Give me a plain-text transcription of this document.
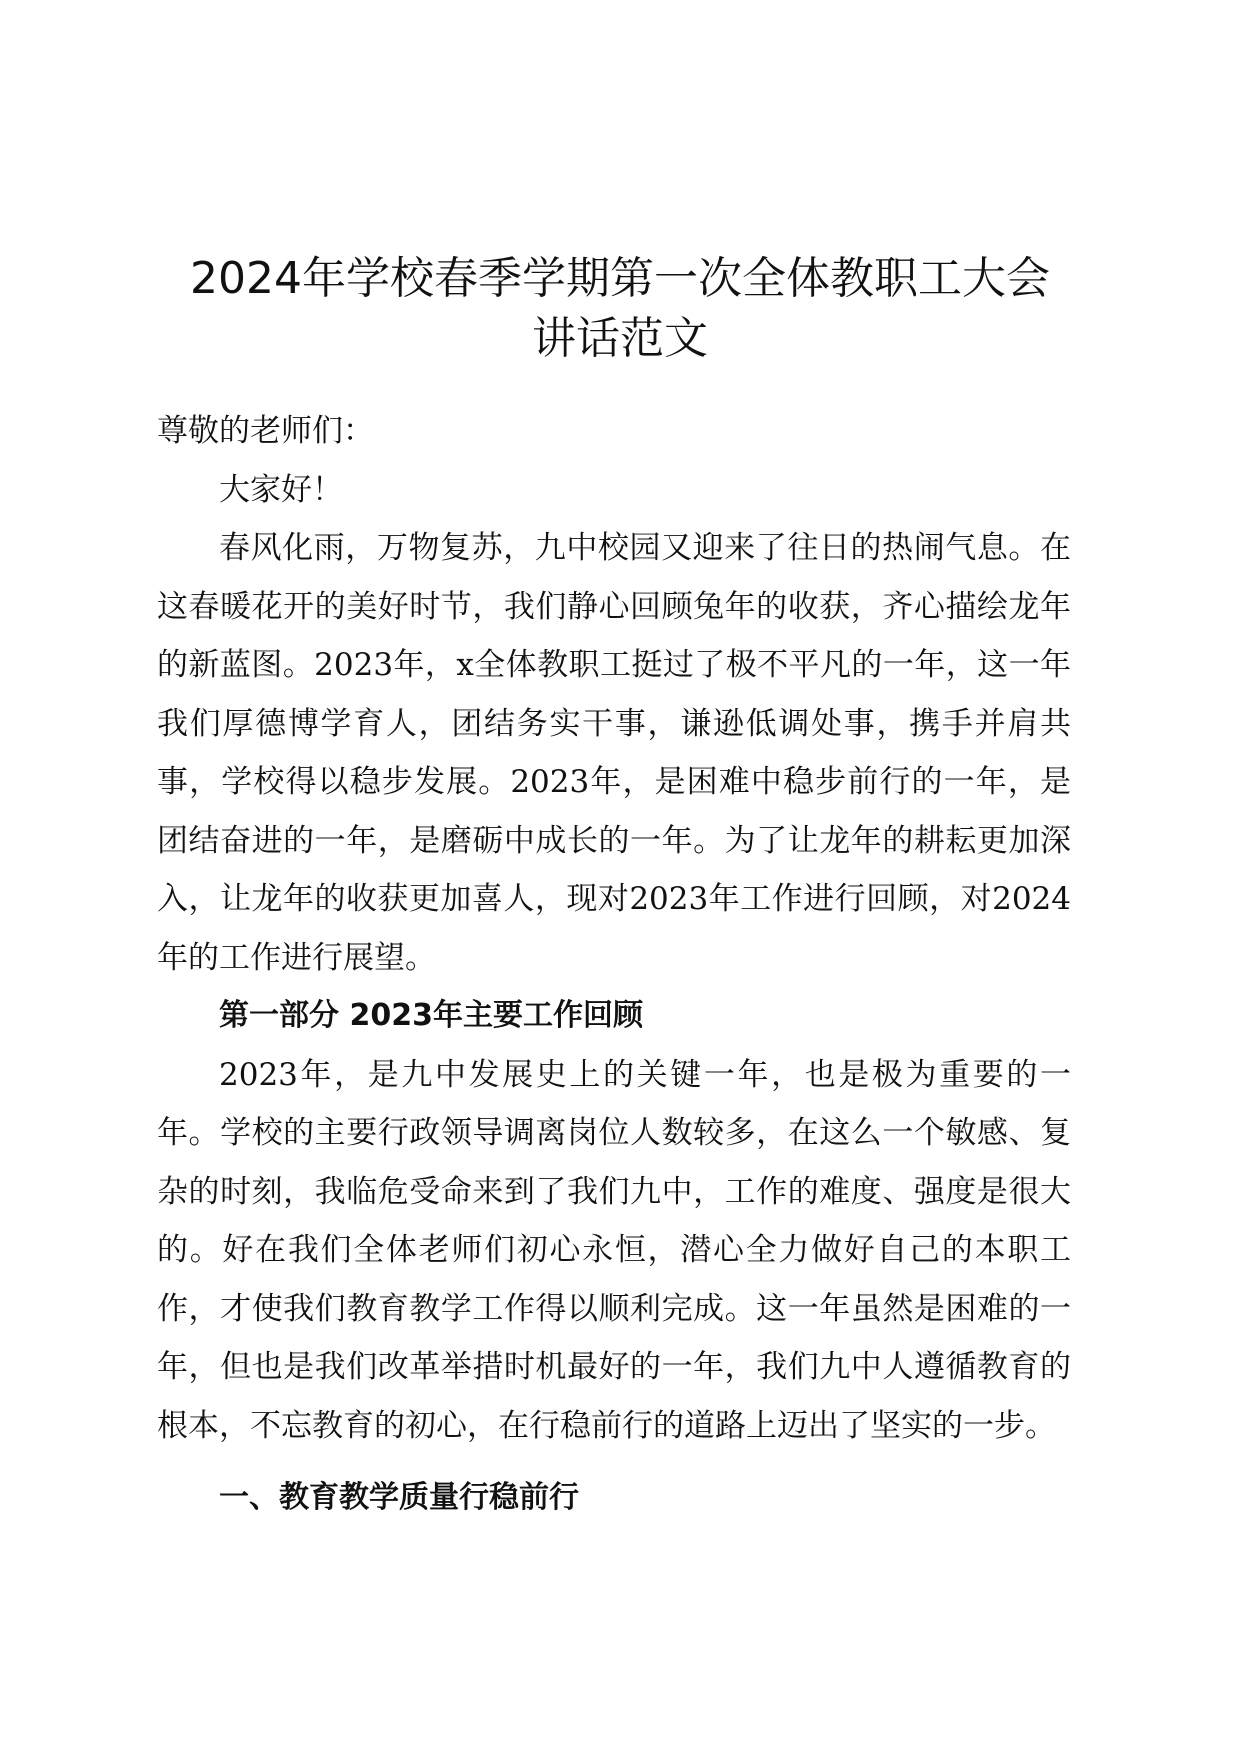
2024年学校春季学期第一次全体教职工大会
讲话范文

尊敬的老师们：

大家好！

春风化雨，万物复苏，九中校园又迎来了往日的热闹气息。在这春暖花开的美好时节，我们静心回顾兔年的收获，齐心描绘龙年的新蓝图。2023年，x全体教职工挺过了极不平凡的一年，这一年我们厚德博学育人，团结务实干事，谦逊低调处事，携手并肩共事，学校得以稳步发展。2023年，是困难中稳步前行的一年，是团结奋进的一年，是磨砺中成长的一年。为了让龙年的耕耘更加深入，让龙年的收获更加喜人，现对2023年工作进行回顾，对2024年的工作进行展望。

第一部分 2023年主要工作回顾

2023年，是九中发展史上的关键一年，也是极为重要的一年。学校的主要行政领导调离岗位人数较多，在这么一个敏感、复杂的时刻，我临危受命来到了我们九中，工作的难度、强度是很大的。好在我们全体老师们初心永恒，潜心全力做好自己的本职工作，才使我们教育教学工作得以顺利完成。这一年虽然是困难的一年，但也是我们改革举措时机最好的一年，我们九中人遵循教育的根本，不忘教育的初心，在行稳前行的道路上迈出了坚实的一步。

一、教育教学质量行稳前行
